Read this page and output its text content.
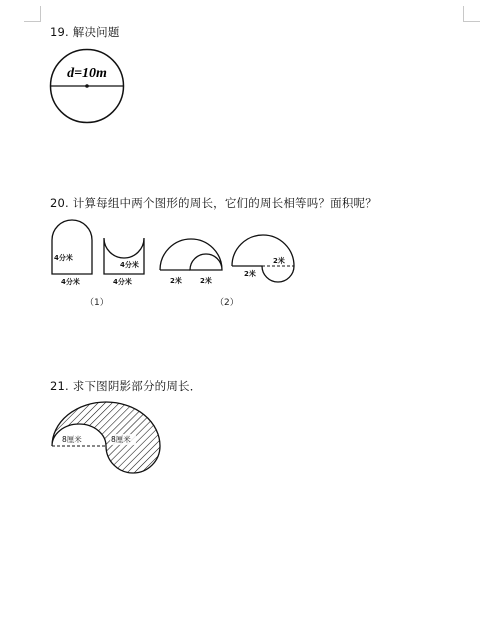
19. 解决问题
d=10m
20. 计算每组中两个图形的周长，它们的周长相等吗？面积呢？
4分米
4分米
4分米
4分米	2米	2米
2米
2米
（1）	（2）
21. 求下图阴影部分的周长．
8厘米	8厘米
